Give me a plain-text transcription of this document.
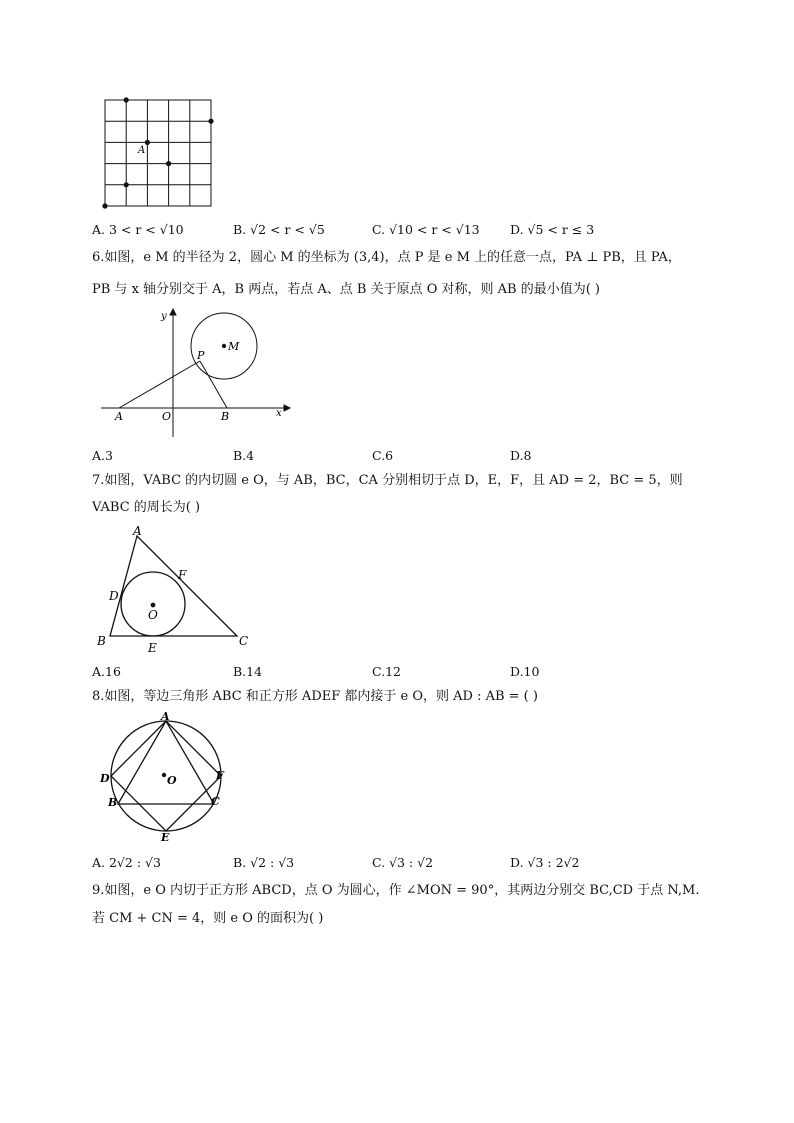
A
A. 3 < r < √10	B. √2 < r < √5	C. √10 < r < √13 D. √5 < r ≤ 3
6.如图，e M 的半径为 2，圆心 M 的坐标为 (3,4)，点 P 是 e M 上的任意一点，PA ⊥ PB，且 PA，
PB 与 x 轴分别交于 A，B 两点，若点 A、点 B 关于原点 O 对称，则 AB 的最小值为( )
y
x
M
P
A	O	B
A.3	B.4	C.6	D.8
7.如图，VABC 的内切圆 e O，与 AB，BC，CA 分别相切于点 D，E，F，且 AD = 2，BC = 5，则
VABC 的周长为( )
A
F
D
O
B	E	C
A.16	B.14	C.12	D.10
8.如图，等边三角形 ABC 和正方形 ADEF 都内接于 e O，则 AD : AB = ( )
A
O
D	F
B	C
E
A. 2√2 : √3	B. √2 : √3	C. √3 : √2	D. √3 : 2√2
9.如图，e O 内切于正方形 ABCD，点 O 为圆心，作 ∠MON = 90°，其两边分别交 BC,CD 于点 N,M.
若 CM + CN = 4，则 e O 的面积为( )
